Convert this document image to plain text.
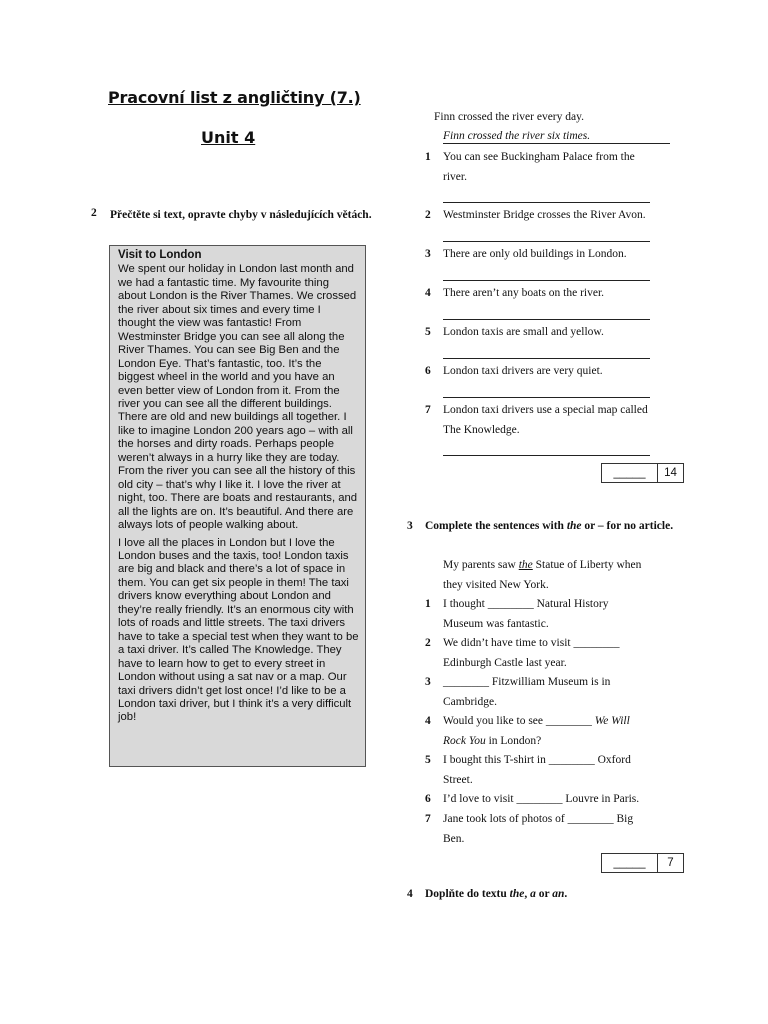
Pracovní list z angličtiny (7.)
Unit 4
2 Přečtěte si text, opravte chyby v následujících větách.
Visit to London

We spent our holiday in London last month and we had a fantastic time. My favourite thing about London is the River Thames. We crossed the river about six times and every time I thought the view was fantastic! From Westminster Bridge you can see all along the River Thames. You can see Big Ben and the London Eye. That’s fantastic, too. It’s the biggest wheel in the world and you have an even better view of London from it. From the river you can see all the different buildings. There are old and new buildings all together. I like to imagine London 200 years ago – with all the horses and dirty roads. Perhaps people weren’t always in a hurry like they are today. From the river you can see all the history of this old city – that’s why I like it. I love the river at night, too. There are boats and restaurants, and all the lights are on. It’s beautiful. And there are always lots of people walking about.

I love all the places in London but I love the London buses and the taxis, too! London taxis are big and black and there’s a lot of space in them. You can get six people in them! The taxi drivers know everything about London and they’re really friendly. It’s an enormous city with lots of roads and little streets. The taxi drivers have to take a special test when they want to be a taxi driver. It’s called The Knowledge. They have to learn how to get to every street in London without using a sat nav or a map. Our taxi drivers didn’t get lost once! I’d like to be a London taxi driver, but I think it’s a very difficult job!

Finn crossed the river every day.
Finn crossed the river six times.
1 You can see Buckingham Palace from the
river.
2 Westminster Bridge crosses the River Avon.
3 There are only old buildings in London.
4 There aren’t any boats on the river.
5 London taxis are small and yellow.
6 London taxi drivers are very quiet.
7 London taxi drivers use a special map called
The Knowledge.
_____	14
3 Complete the sentences with the or – for no article.
My parents saw the Statue of Liberty when
they visited New York.
1 I thought ________ Natural History
Museum was fantastic.
2 We didn’t have time to visit ________
Edinburgh Castle last year.
3 ________ Fitzwilliam Museum is in
Cambridge.
4 Would you like to see ________ We Will
Rock You in London?
5 I bought this T-shirt in ________ Oxford
Street.
6 I’d love to visit ________ Louvre in Paris.
7 Jane took lots of photos of ________ Big
Ben.
_____	7
4 Doplňte do textu the, a or an.
